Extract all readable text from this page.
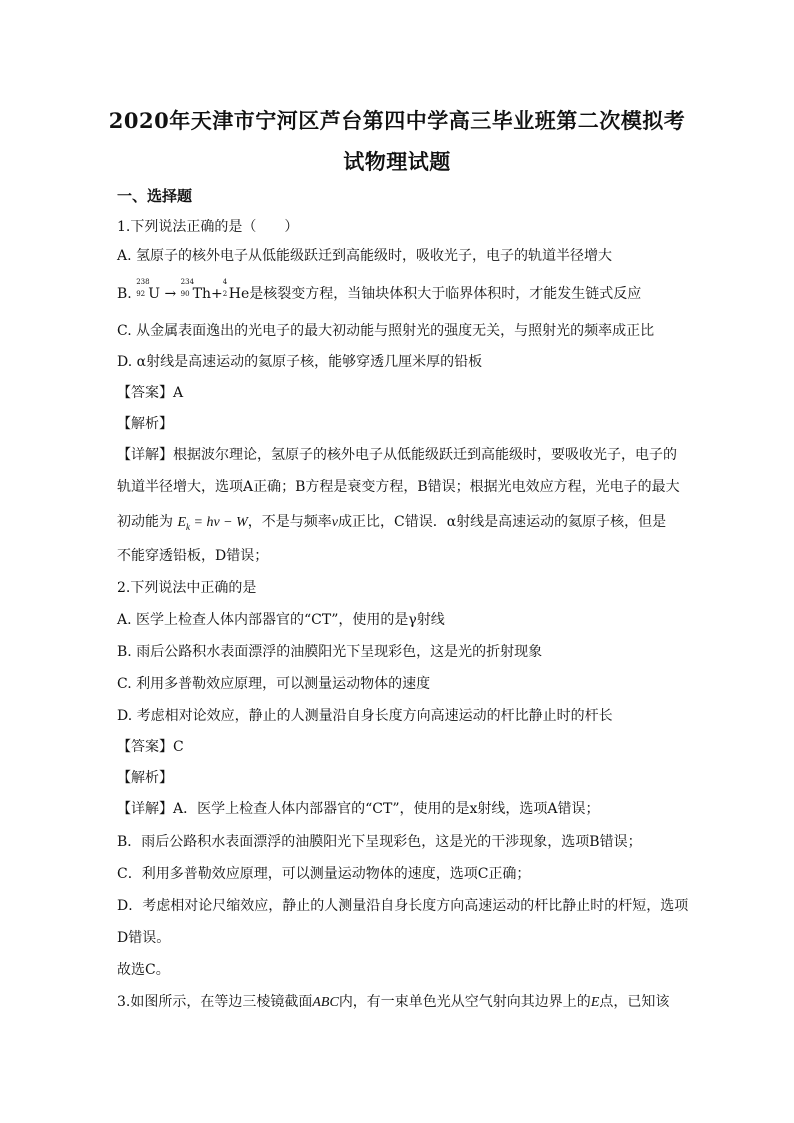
2020年天津市宁河区芦台第四中学高三毕业班第二次模拟考
试物理试题
一、选择题
1.下列说法正确的是（　　）
A. 氢原子的核外电子从低能级跃迁到高能级时，吸收光子，电子的轨道半径增大
B.
238
92 U →
234
90 Th+
4
2 He是核裂变方程，当铀块体积大于临界体积时，才能发生链式反应
C. 从金属表面逸出的光电子的最大初动能与照射光的强度无关，与照射光的频率成正比
D. α射线是高速运动的氦原子核，能够穿透几厘米厚的铅板
【答案】A
【解析】
【详解】根据波尔理论，氢原子的核外电子从低能级跃迁到高能级时，要吸收光子，电子的
轨道半径增大，选项A正确；B方程是衰变方程，B错误；根据光电效应方程，光电子的最大
初动能为 $E_k = h\nu - W$，不是与频率ν成正比，C错误．α射线是高速运动的氦原子核，但是
不能穿透铅板，D错误；
2.下列说法中正确的是
A. 医学上检查人体内部器官的“CT”，使用的是γ射线
B. 雨后公路积水表面漂浮的油膜阳光下呈现彩色，这是光的折射现象
C. 利用多普勒效应原理，可以测量运动物体的速度
D. 考虑相对论效应，静止的人测量沿自身长度方向高速运动的杆比静止时的杆长
【答案】C
【解析】
【详解】A．医学上检查人体内部器官的“CT”，使用的是x射线，选项A错误；
B．雨后公路积水表面漂浮的油膜阳光下呈现彩色，这是光的干涉现象，选项B错误；
C．利用多普勒效应原理，可以测量运动物体的速度，选项C正确；
D．考虑相对论尺缩效应，静止的人测量沿自身长度方向高速运动的杆比静止时的杆短，选项
D错误。
故选C。
3.如图所示，在等边三棱镜截面ABC内，有一束单色光从空气射向其边界上的E点，已知该
